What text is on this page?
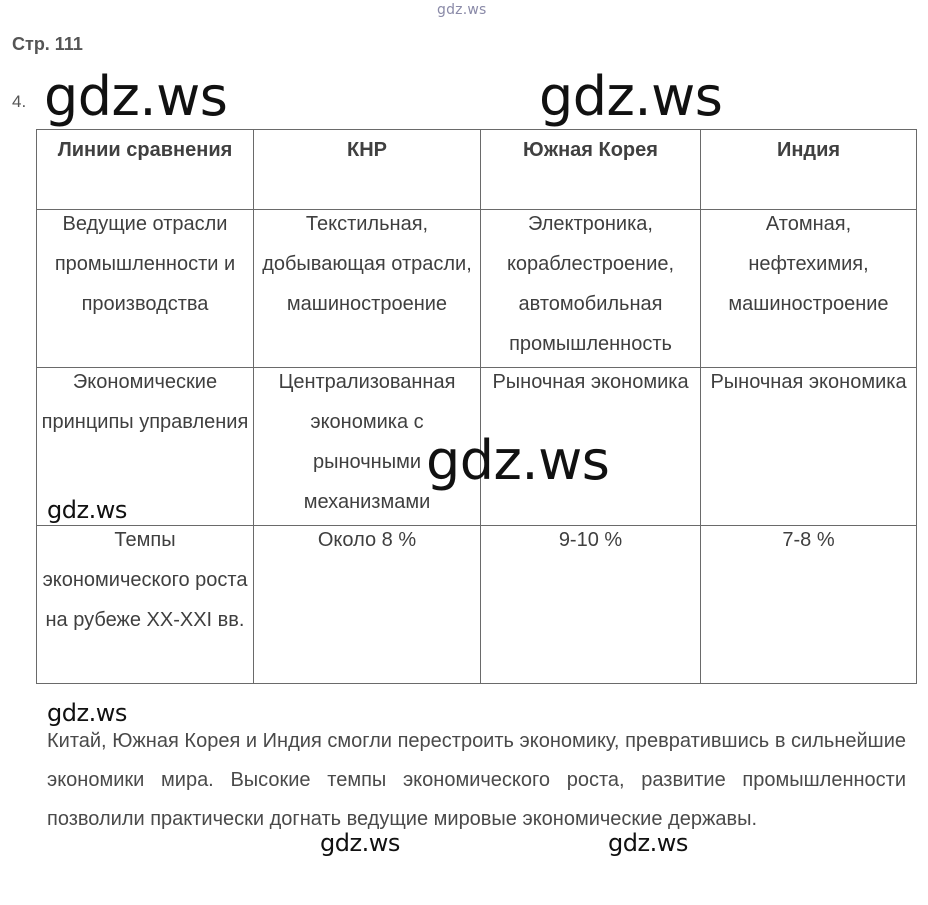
gdz.ws
Стр. 111
4.
Линии сравнения	КНР	Южная Корея	Индия

Ведущие отрасли промышленности и производства	Текстильная, добывающая отрасли, машиностроение	Электроника, кораблестроение, автомобильная промышленность	Атомная, нефтехимия, машиностроение

Экономические принципы управления	Централизованная экономика с рыночными механизмами	Рыночная экономика	Рыночная экономика

Темпы экономического роста на рубеже XX-XXI вв.	Около 8 %	9-10 %	7-8 %
Китай, Южная Корея и Индия смогли перестроить экономику, превратившись в сильнейшие экономики мира. Высокие темпы экономического роста, развитие промышленности позволили практически догнать ведущие мировые экономические державы.
gdz.ws	gdz.ws
gdz.ws
gdz.ws
gdz.ws
gdz.ws	gdz.ws
